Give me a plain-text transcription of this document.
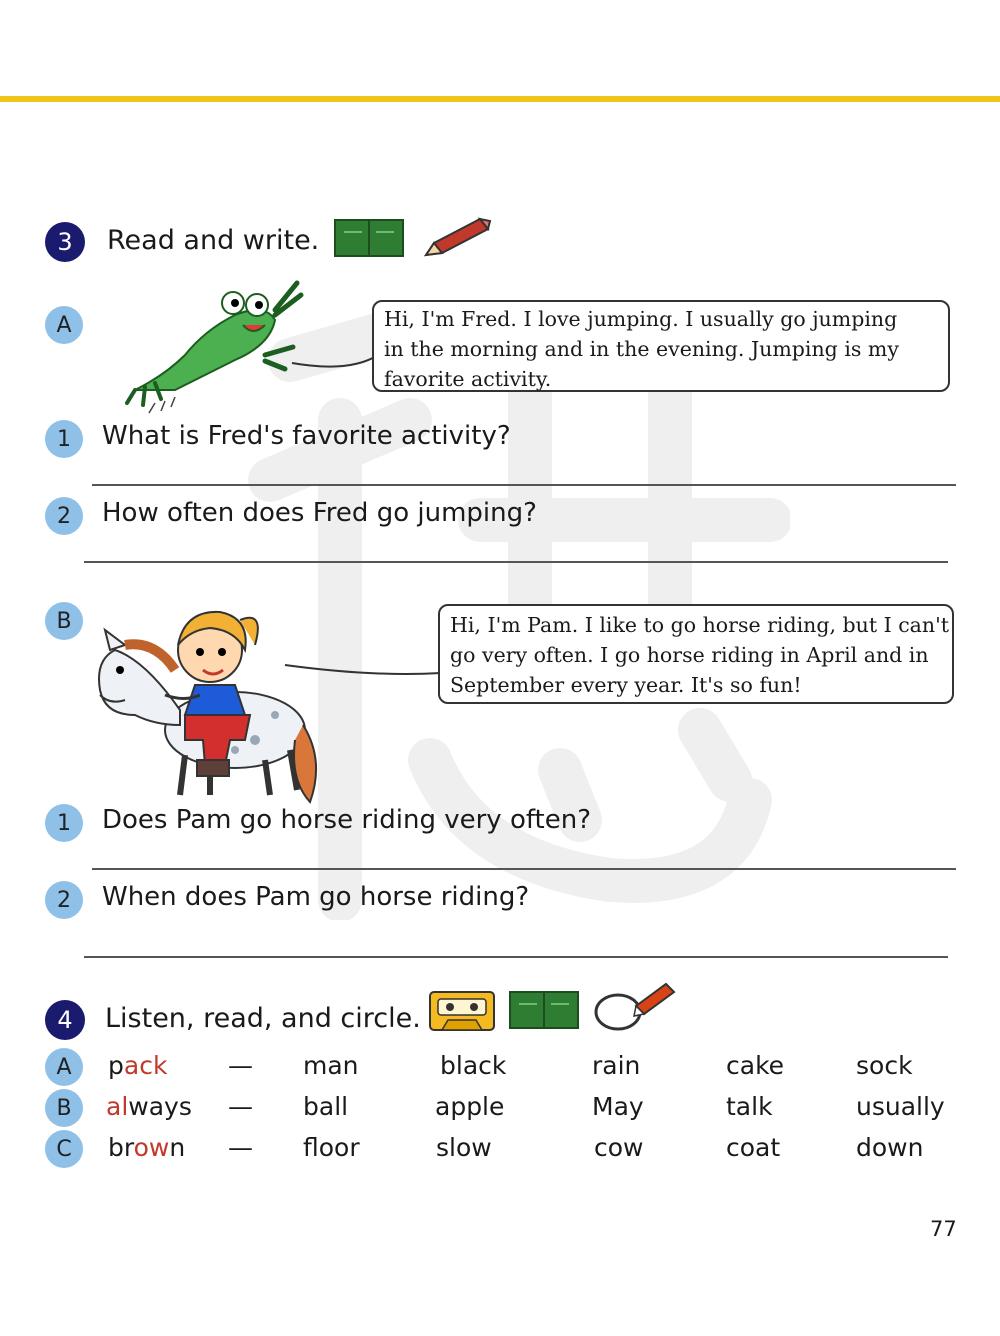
3 Read and write.
A	Hi, I'm Fred. I love jumping. I usually go jumping
in the morning and in the evening. Jumping is my
favorite activity.
1 What is Fred's favorite activity?
2 How often does Fred go jumping?
B	Hi, I'm Pam. I like to go horse riding, but I can't
go very often. I go horse riding in April and in
September every year. It's so fun!
1 Does Pam go horse riding very often?
2 When does Pam go horse riding?
4 Listen, read, and circle.
A pack — man	black	rain	cake	sock
B always — ball	apple	May	talk	usually
C brown — floor	slow	cow	coat	down
77
